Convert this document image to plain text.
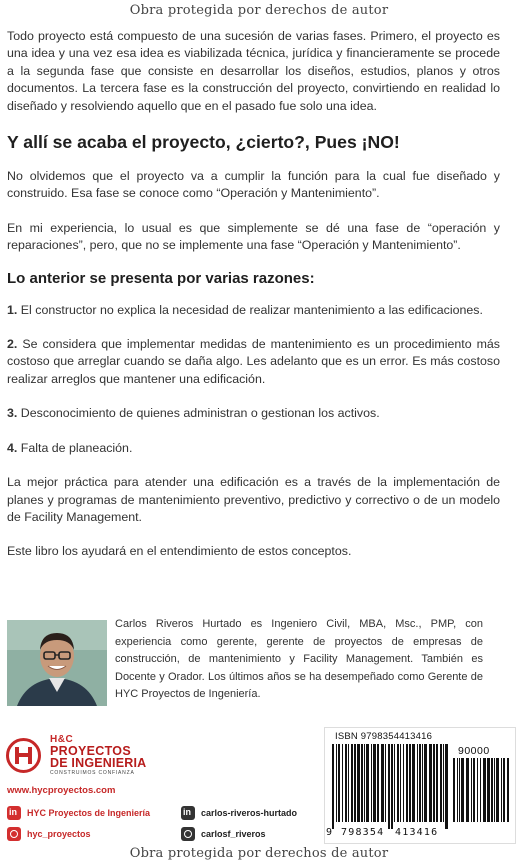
Obra protegida por derechos de autor

Todo proyecto está compuesto de una sucesión de varias fases. Primero, el proyecto es una idea y una vez esa idea es viabilizada técnica, jurídica y financieramente se procede a la segunda fase que consiste en desarrollar los diseños, estudios, planos y otros documentos. La tercera fase es la construcción del proyecto, convirtiendo en realidad lo diseñado y resolviendo aquello que en el pasado fue solo una idea.

Y allí se acaba el proyecto, ¿cierto?, Pues ¡NO!

No olvidemos que el proyecto va a cumplir la función para la cual fue diseñado y construido. Esa fase se conoce como “Operación y Mantenimiento”.

En mi experiencia, lo usual es que simplemente se dé una fase de “operación y reparaciones”, pero, que no se implemente una fase “Operación y Mantenimiento”.

Lo anterior se presenta por varias razones:

1. El constructor no explica la necesidad de realizar mantenimiento a las edificaciones.

2. Se considera que implementar medidas de mantenimiento es un procedimiento más costoso que arreglar cuando se daña algo. Les adelanto que es un error. Es más costoso realizar arreglos que mantener una edificación.

3. Desconocimiento de quienes administran o gestionan los activos.

4. Falta de planeación.

La mejor práctica para atender una edificación es a través de la implementación de planes y programas de mantenimiento preventivo, predictivo y correctivo o de un modelo de Facility Management.

Este libro los ayudará en el entendimiento de estos conceptos.

Carlos Riveros Hurtado es Ingeniero Civil, MBA, Msc., PMP, con experiencia como gerente, gerente de proyectos de empresas de construcción, de mantenimiento y Facility Management. También es Docente y Orador. Los últimos años se ha desempeñado como Gerente de HYC Proyectos de Ingeniería.

H&C
PROYECTOS
DE INGENIERIA
CONSTRUIMOS CONFIANZA
www.hycproyectos.com
in
HYC Proyectos de Ingeniería
hyc_proyectos
in
carlos-riveros-hurtado
carlosf_riveros
ISBN 9798354413416
90000
9 798354 413416
Obra protegida por derechos de autor
